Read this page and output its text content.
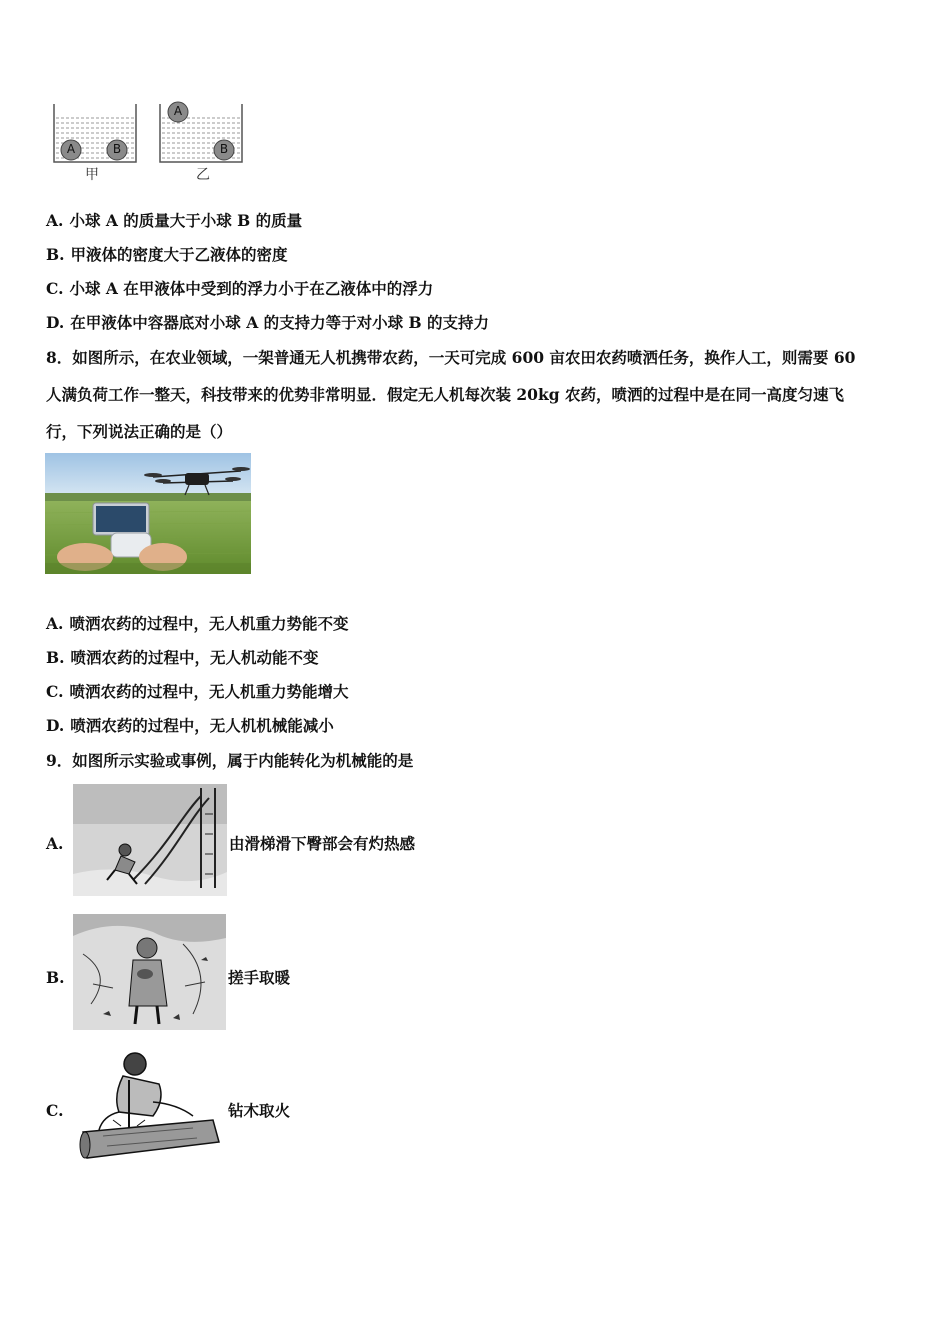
A	B
A
B
甲	乙
A. 小球 A 的质量大于小球 B 的质量
B. 甲液体的密度大于乙液体的密度
C. 小球 A 在甲液体中受到的浮力小于在乙液体中的浮力
D. 在甲液体中容器底对小球 A 的支持力等于对小球 B 的支持力
8．如图所示，在农业领域，一架普通无人机携带农药，一天可完成 600 亩农田农药喷洒任务，换作人工，则需要 60
人满负荷工作一整天，科技带来的优势非常明显．假定无人机每次装 20kg 农药，喷洒的过程中是在同一高度匀速飞
行，下列说法正确的是（）
A. 喷洒农药的过程中，无人机重力势能不变
B. 喷洒农药的过程中，无人机动能不变
C. 喷洒农药的过程中，无人机重力势能增大
D. 喷洒农药的过程中，无人机机械能减小
9．如图所示实验或事例，属于内能转化为机械能的是
A.	由滑梯滑下臀部会有灼热感
B.	搓手取暖
C.	钻木取火
